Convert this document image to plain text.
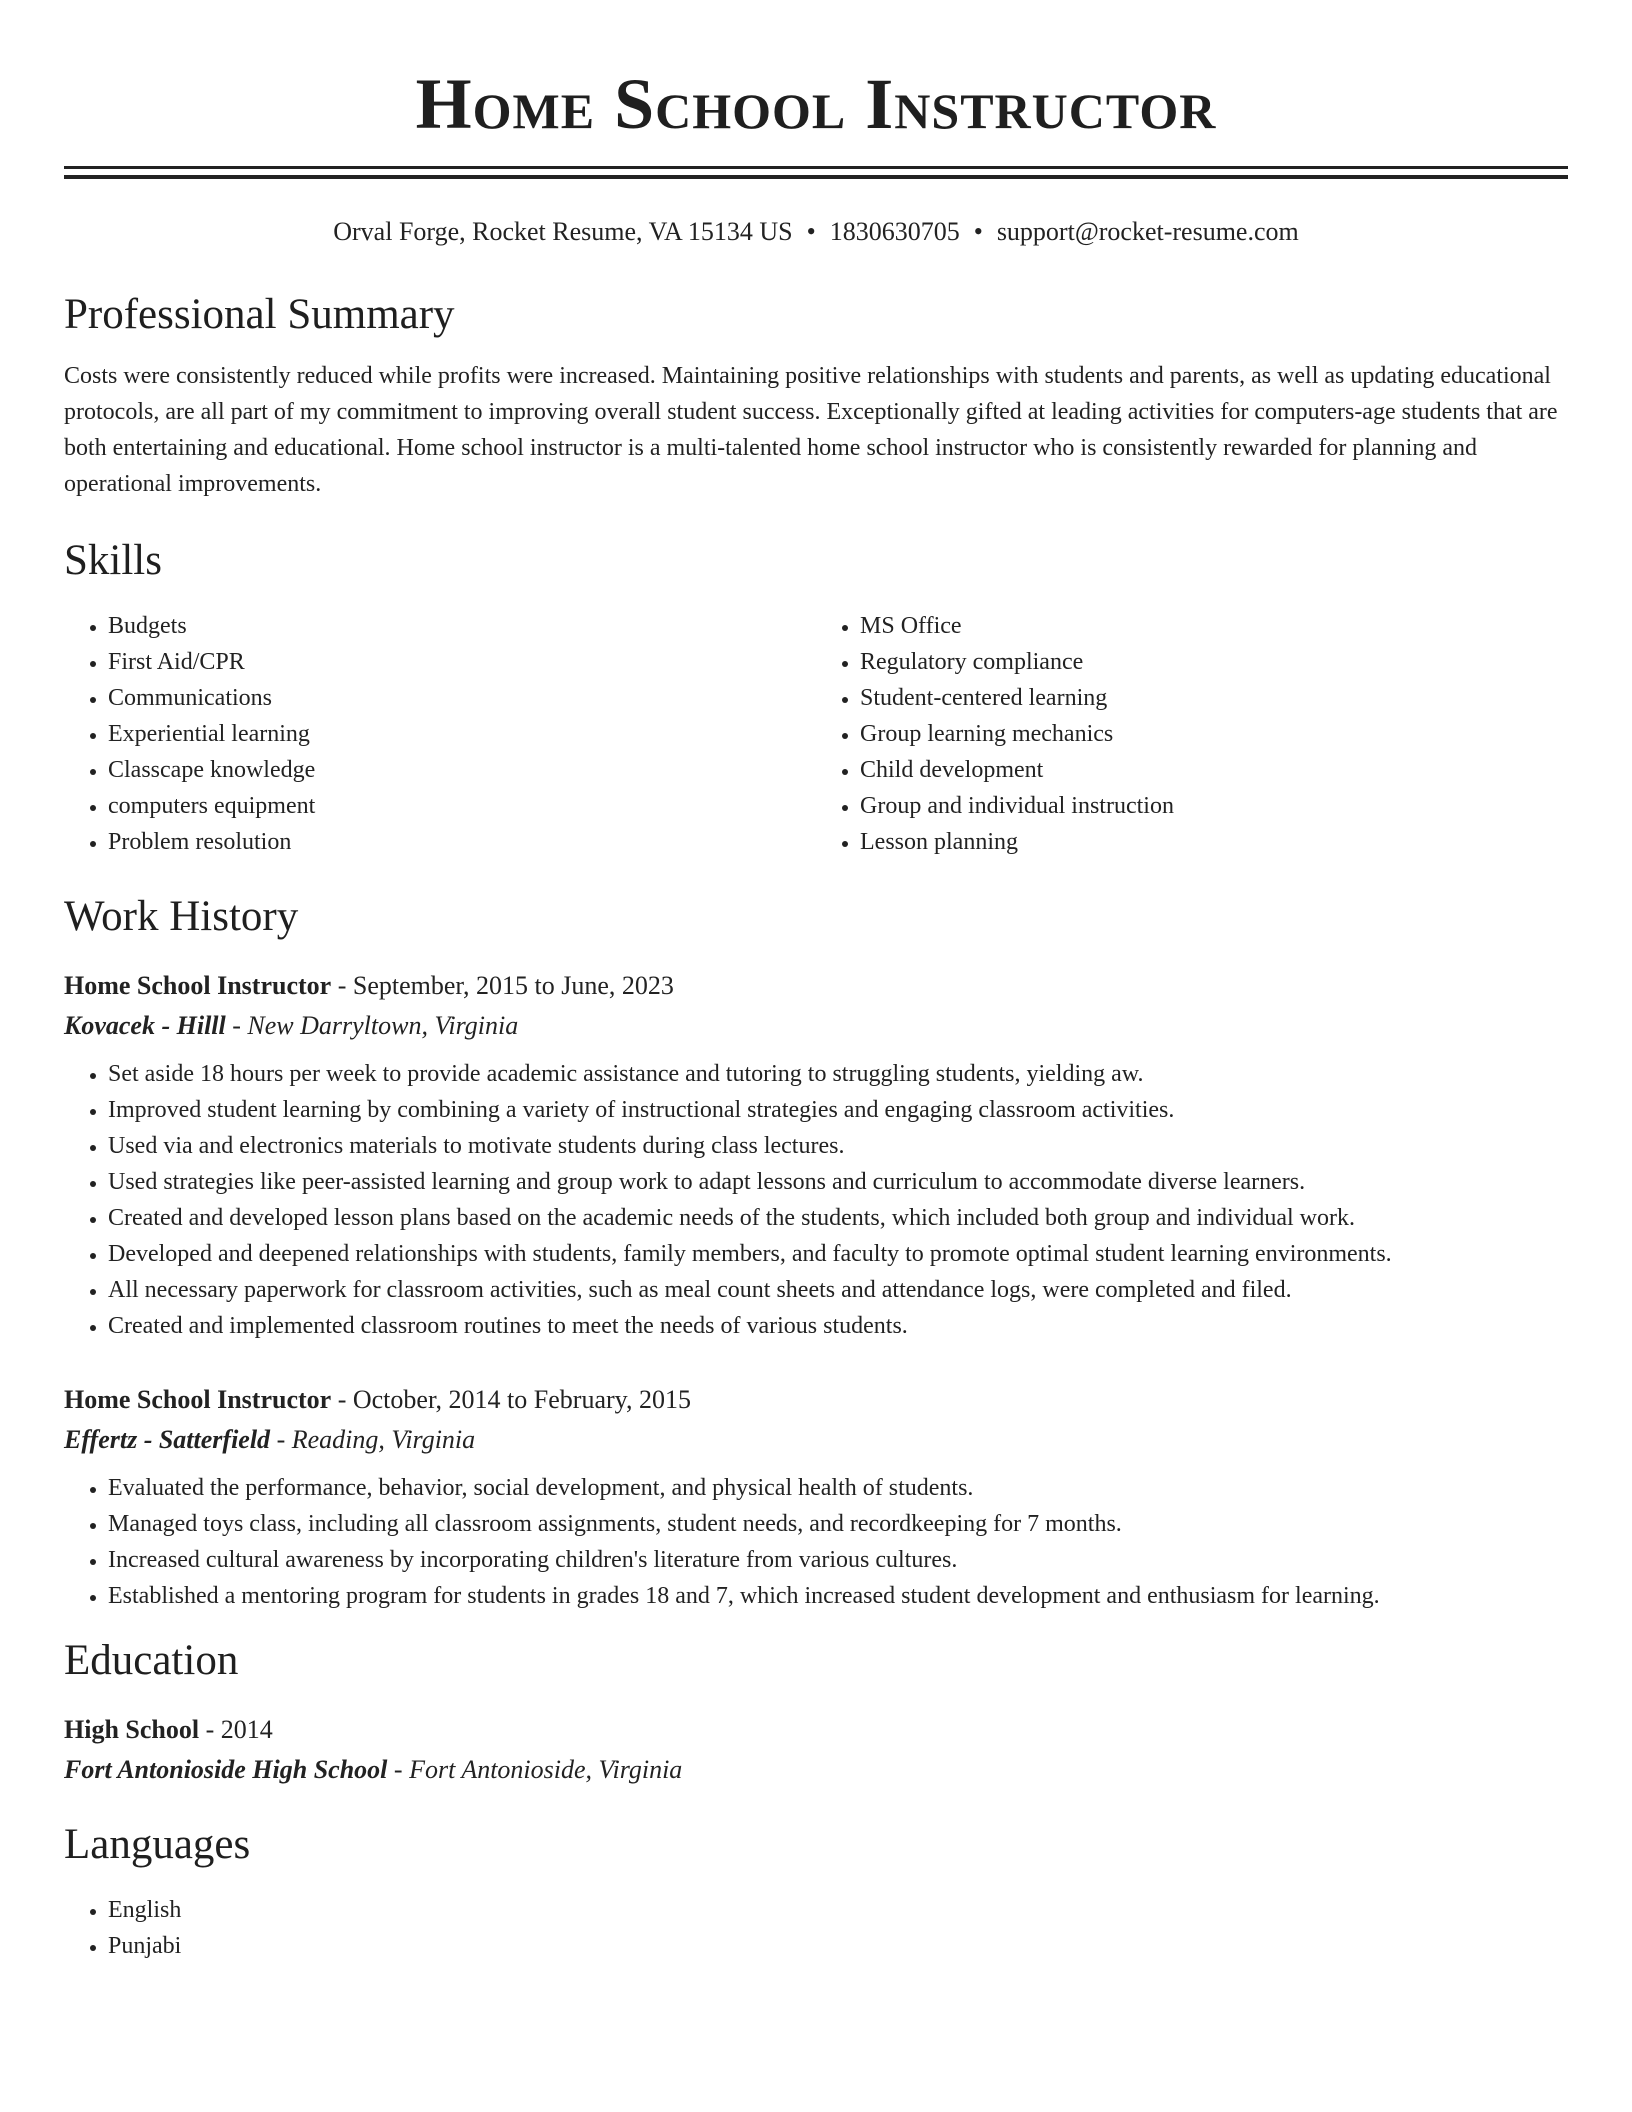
Home School Instructor
Orval Forge, Rocket Resume, VA 15134 US • 1830630705 • support@rocket-resume.com
Professional Summary

Costs were consistently reduced while profits were increased. Maintaining positive relationships with students and parents, as well as updating educational protocols, are all part of my commitment to improving overall student success. Exceptionally gifted at leading activities for computers-age students that are both entertaining and educational. Home school instructor is a multi-talented home school instructor who is consistently rewarded for planning and operational improvements.

Skills
• Budgets
• First Aid/CPR
• Communications
• Experiential learning
• Classcape knowledge
• computers equipment
• Problem resolution
• MS Office
• Regulatory compliance
• Student-centered learning
• Group learning mechanics
• Child development
• Group and individual instruction
• Lesson planning
Work History
Home School Instructor - September, 2015 to June, 2023
Kovacek - Hilll - New Darryltown, Virginia
• Set aside 18 hours per week to provide academic assistance and tutoring to struggling students, yielding aw.
• Improved student learning by combining a variety of instructional strategies and engaging classroom activities.
• Used via and electronics materials to motivate students during class lectures.
• Used strategies like peer-assisted learning and group work to adapt lessons and curriculum to accommodate diverse learners.
• Created and developed lesson plans based on the academic needs of the students, which included both group and individual work.
• Developed and deepened relationships with students, family members, and faculty to promote optimal student learning environments.
• All necessary paperwork for classroom activities, such as meal count sheets and attendance logs, were completed and filed.
• Created and implemented classroom routines to meet the needs of various students.
Home School Instructor - October, 2014 to February, 2015
Effertz - Satterfield - Reading, Virginia
• Evaluated the performance, behavior, social development, and physical health of students.
• Managed toys class, including all classroom assignments, student needs, and recordkeeping for 7 months.
• Increased cultural awareness by incorporating children's literature from various cultures.
• Established a mentoring program for students in grades 18 and 7, which increased student development and enthusiasm for learning.
Education
High School - 2014
Fort Antonioside High School - Fort Antonioside, Virginia
Languages
• English
• Punjabi
